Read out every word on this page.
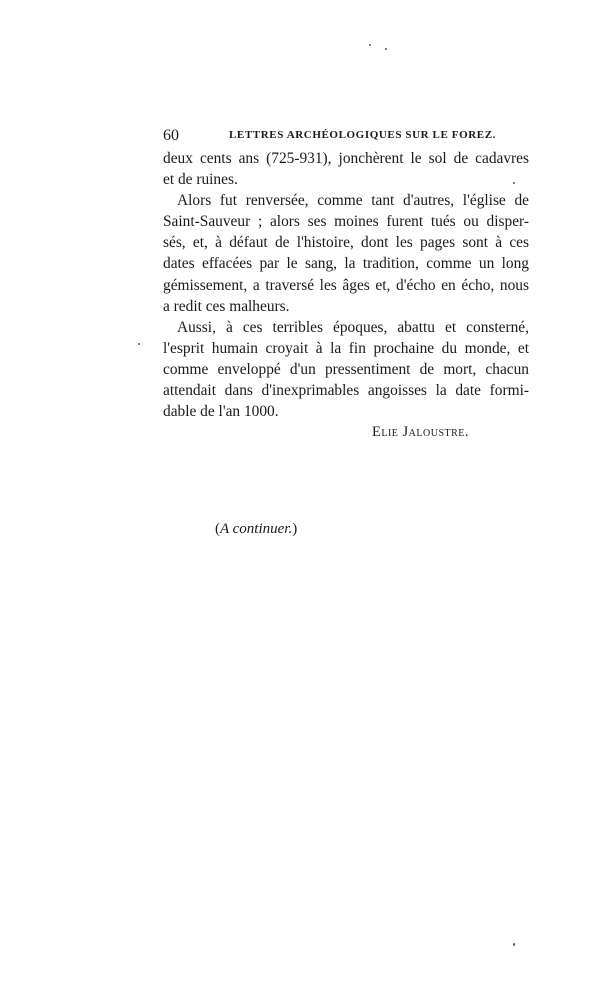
60	LETTRES ARCHÉOLOGIQUES SUR LE FOREZ.

deux cents ans (725-931), jonchèrent le sol de cadavres
et de ruines.

Alors fut renversée, comme tant d'autres, l'église de
Saint-Sauveur ; alors ses moines furent tués ou disper-
sés, et, à défaut de l'histoire, dont les pages sont à ces
dates effacées par le sang, la tradition, comme un long
gémissement, a traversé les âges et, d'écho en écho, nous
a redit ces malheurs.

Aussi, à ces terribles époques, abattu et consterné,
l'esprit humain croyait à la fin prochaine du monde, et
comme enveloppé d'un pressentiment de mort, chacun
attendait dans d'inexprimables angoisses la date formi-
dable de l'an 1000.

Elie Jaloustre.
(A continuer.)
